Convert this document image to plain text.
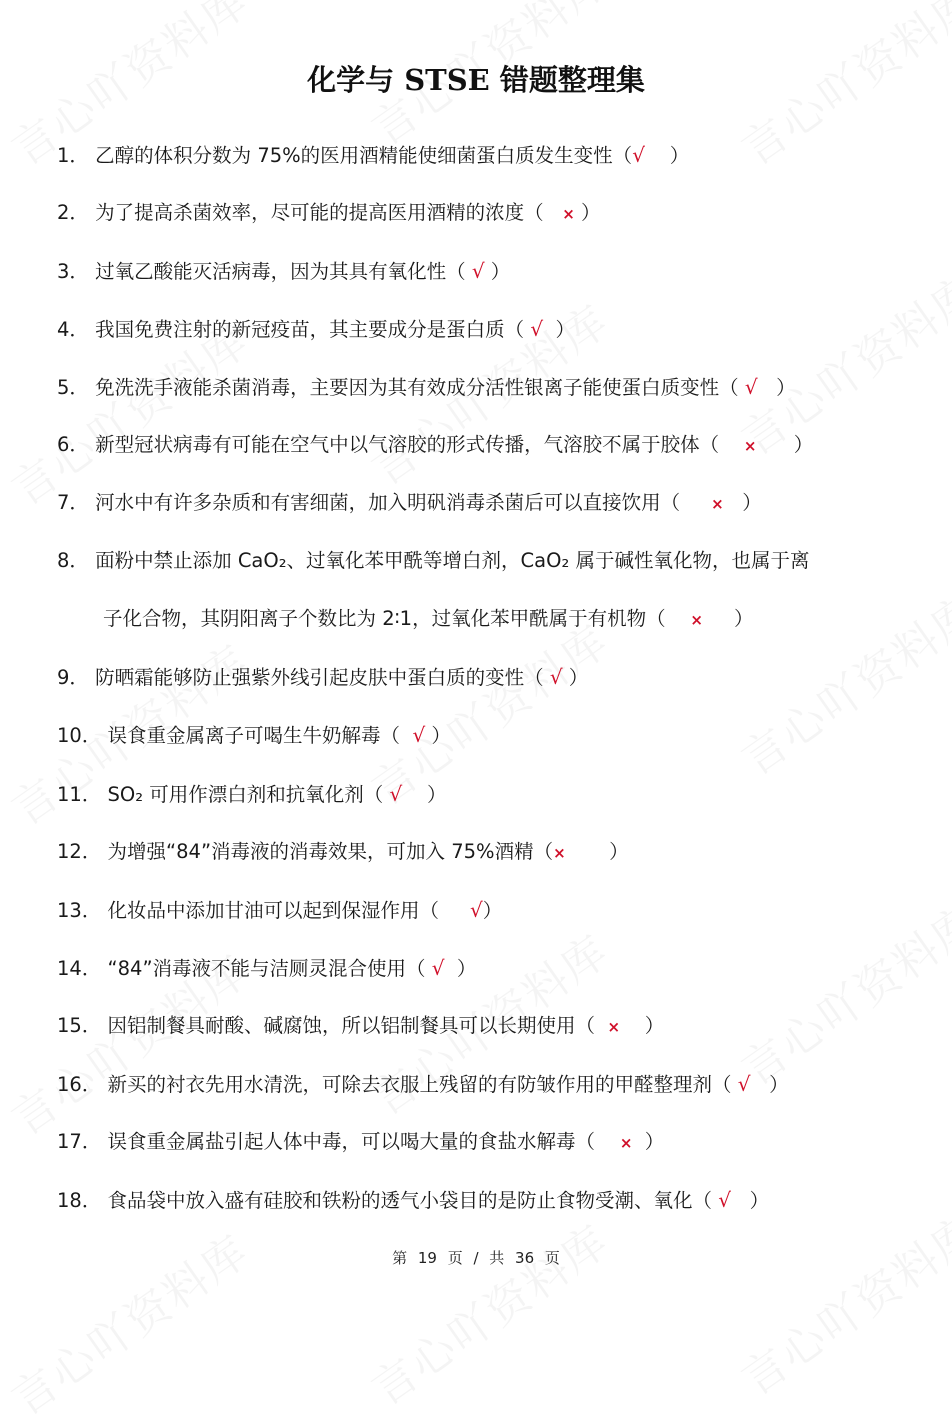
化学与 STSE 错题整理集
1． 乙醇的体积分数为 75%的医用酒精能使细菌蛋白质发生变性（√    ）
2． 为了提高杀菌效率，尽可能的提高医用酒精的浓度（   × ）
3． 过氧乙酸能灭活病毒，因为其具有氧化性（ √ ）
4． 我国免费注射的新冠疫苗，其主要成分是蛋白质（ √  ）
5． 免洗洗手液能杀菌消毒，主要因为其有效成分活性银离子能使蛋白质变性（ √   ）
6． 新型冠状病毒有可能在空气中以气溶胶的形式传播，气溶胶不属于胶体（    ×      ）
7． 河水中有许多杂质和有害细菌，加入明矾消毒杀菌后可以直接饮用（     ×   ）
8． 面粉中禁止添加 CaO₂、过氧化苯甲酰等增白剂，CaO₂ 属于碱性氧化物，也属于离
子化合物，其阴阳离子个数比为 2∶1，过氧化苯甲酰属于有机物（    ×     ）
9． 防晒霜能够防止强紫外线引起皮肤中蛋白质的变性（ √ ）
10． 误食重金属离子可喝生牛奶解毒（  √ ）
11． SO₂ 可用作漂白剂和抗氧化剂（ √    ）
12． 为增强“84”消毒液的消毒效果，可加入 75%酒精（×       ）
13． 化妆品中添加甘油可以起到保湿作用（     √）
14． “84”消毒液不能与洁厕灵混合使用（ √  ）
15． 因铝制餐具耐酸、碱腐蚀，所以铝制餐具可以长期使用（  ×    ）
16． 新买的衬衣先用水清洗，可除去衣服上残留的有防皱作用的甲醛整理剂（ √   ）
17． 误食重金属盐引起人体中毒，可以喝大量的食盐水解毒（    ×  ）
18． 食品袋中放入盛有硅胶和铁粉的透气小袋目的是防止食物受潮、氧化（ √   ）
第 19 页 / 共 36 页
